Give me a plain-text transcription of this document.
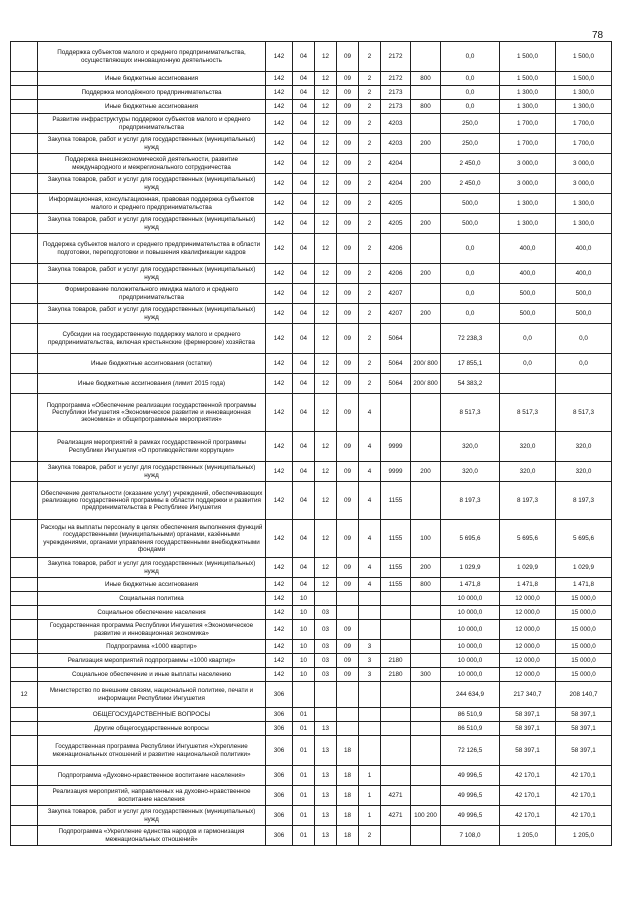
78
	Поддержка субъектов малого и среднего предпринимательства, осуществляющих инновационную деятельность	142	04	12	09	2	2172		0,0	1 500,0	1 500,0
	Иные бюджетные ассигнования	142	04	12	09	2	2172	800	0,0	1 500,0	1 500,0
	Поддержка молодёжного предпринимательства	142	04	12	09	2	2173		0,0	1 300,0	1 300,0
	Иные бюджетные ассигнования	142	04	12	09	2	2173	800	0,0	1 300,0	1 300,0
	Развитие инфраструктуры поддержки субъектов малого и среднего предпринимательства	142	04	12	09	2	4203		250,0	1 700,0	1 700,0
	Закупка товаров, работ и услуг для государственных (муниципальных) нужд	142	04	12	09	2	4203	200	250,0	1 700,0	1 700,0
	Поддержка внешнеэкономической деятельности, развитие международного и межрегионального сотрудничества	142	04	12	09	2	4204		2 450,0	3 000,0	3 000,0
	Закупка товаров, работ и услуг для государственных (муниципальных) нужд	142	04	12	09	2	4204	200	2 450,0	3 000,0	3 000,0
	Информационная, консультационная, правовая поддержка субъектов малого и среднего предпринимательства	142	04	12	09	2	4205		500,0	1 300,0	1 300,0
	Закупка товаров, работ и услуг для государственных (муниципальных) нужд	142	04	12	09	2	4205	200	500,0	1 300,0	1 300,0
	Поддержка субъектов малого и среднего предпринимательства в области подготовки, переподготовки и повышения квалификации кадров	142	04	12	09	2	4206		0,0	400,0	400,0
	Закупка товаров, работ и услуг для государственных (муниципальных) нужд	142	04	12	09	2	4206	200	0,0	400,0	400,0
	Формирование положительного имиджа малого и среднего предпринимательства	142	04	12	09	2	4207		0,0	500,0	500,0
	Закупка товаров, работ и услуг для государственных (муниципальных) нужд	142	04	12	09	2	4207	200	0,0	500,0	500,0
	Субсидии на государственную поддержку малого и среднего предпринимательства, включая крестьянские (фермерские) хозяйства	142	04	12	09	2	5064		72 238,3	0,0	0,0
	Иные бюджетные ассигнования (остатки)	142	04	12	09	2	5064	200/ 800	17 855,1	0,0	0,0
	Иные бюджетные ассигнования (лимит 2015 года)	142	04	12	09	2	5064	200/ 800	54 383,2		
	Подпрограмма «Обеспечение реализации государственной программы Республики Ингушетия «Экономическое развитие и инновационная экономика» и общепрограммные мероприятия»	142	04	12	09	4			8 517,3	8 517,3	8 517,3
	Реализация мероприятий в рамках государственной программы Республики Ингушетия «О противодействии коррупции»	142	04	12	09	4	9999		320,0	320,0	320,0
	Закупка товаров, работ и услуг для государственных (муниципальных) нужд	142	04	12	09	4	9999	200	320,0	320,0	320,0
	Обеспечение деятельности (оказание услуг) учреждений, обеспечивающих реализацию государственной программы в области поддержки и развития предпринимательства в Республике Ингушетия	142	04	12	09	4	1155		8 197,3	8 197,3	8 197,3
	Расходы на выплаты персоналу в целях обеспечения выполнения функций государственными (муниципальными) органами, казёнными учреждениями, органами управления государственными внебюджетными фондами	142	04	12	09	4	1155	100	5 695,6	5 695,6	5 695,6
	Закупка товаров, работ и услуг для государственных (муниципальных) нужд	142	04	12	09	4	1155	200	1 029,9	1 029,9	1 029,9
	Иные бюджетные ассигнования	142	04	12	09	4	1155	800	1 471,8	1 471,8	1 471,8
	Социальная политика	142	10						10 000,0	12 000,0	15 000,0
	Социальное обеспечение населения	142	10	03					10 000,0	12 000,0	15 000,0
	Государственная программа Республики Ингушетия «Экономическое развитие и инновационная экономика»	142	10	03	09				10 000,0	12 000,0	15 000,0
	Подпрограмма «1000 квартир»	142	10	03	09	3			10 000,0	12 000,0	15 000,0
	Реализация мероприятий подпрограммы «1000 квартир»	142	10	03	09	3	2180		10 000,0	12 000,0	15 000,0
	Социальное обеспечение и иные выплаты населению	142	10	03	09	3	2180	300	10 000,0	12 000,0	15 000,0
12	Министерство по внешним связям, национальной политике, печати и информации Республики Ингушетия	306							244 634,9	217 340,7	208 140,7
	ОБЩЕГОСУДАРСТВЕННЫЕ ВОПРОСЫ	306	01						86 510,9	58 397,1	58 397,1
	Другие общегосударственные вопросы	306	01	13					86 510,9	58 397,1	58 397,1
	Государственная программа Республики Ингушетия «Укрепление межнациональных отношений и развитие национальной политики»	306	01	13	18				72 126,5	58 397,1	58 397,1
	Подпрограмма «Духовно-нравственное воспитание населения»	306	01	13	18	1			49 996,5	42 170,1	42 170,1
	Реализация мероприятий, направленных на духовно-нравственное воспитание населения	306	01	13	18	1	4271		49 996,5	42 170,1	42 170,1
	Закупка товаров, работ и услуг для государственных (муниципальных) нужд	306	01	13	18	1	4271	100 200	49 996,5	42 170,1	42 170,1
	Подпрограмма «Укрепление единства народов и гармонизация межнациональных отношений»	306	01	13	18	2			7 108,0	1 205,0	1 205,0
